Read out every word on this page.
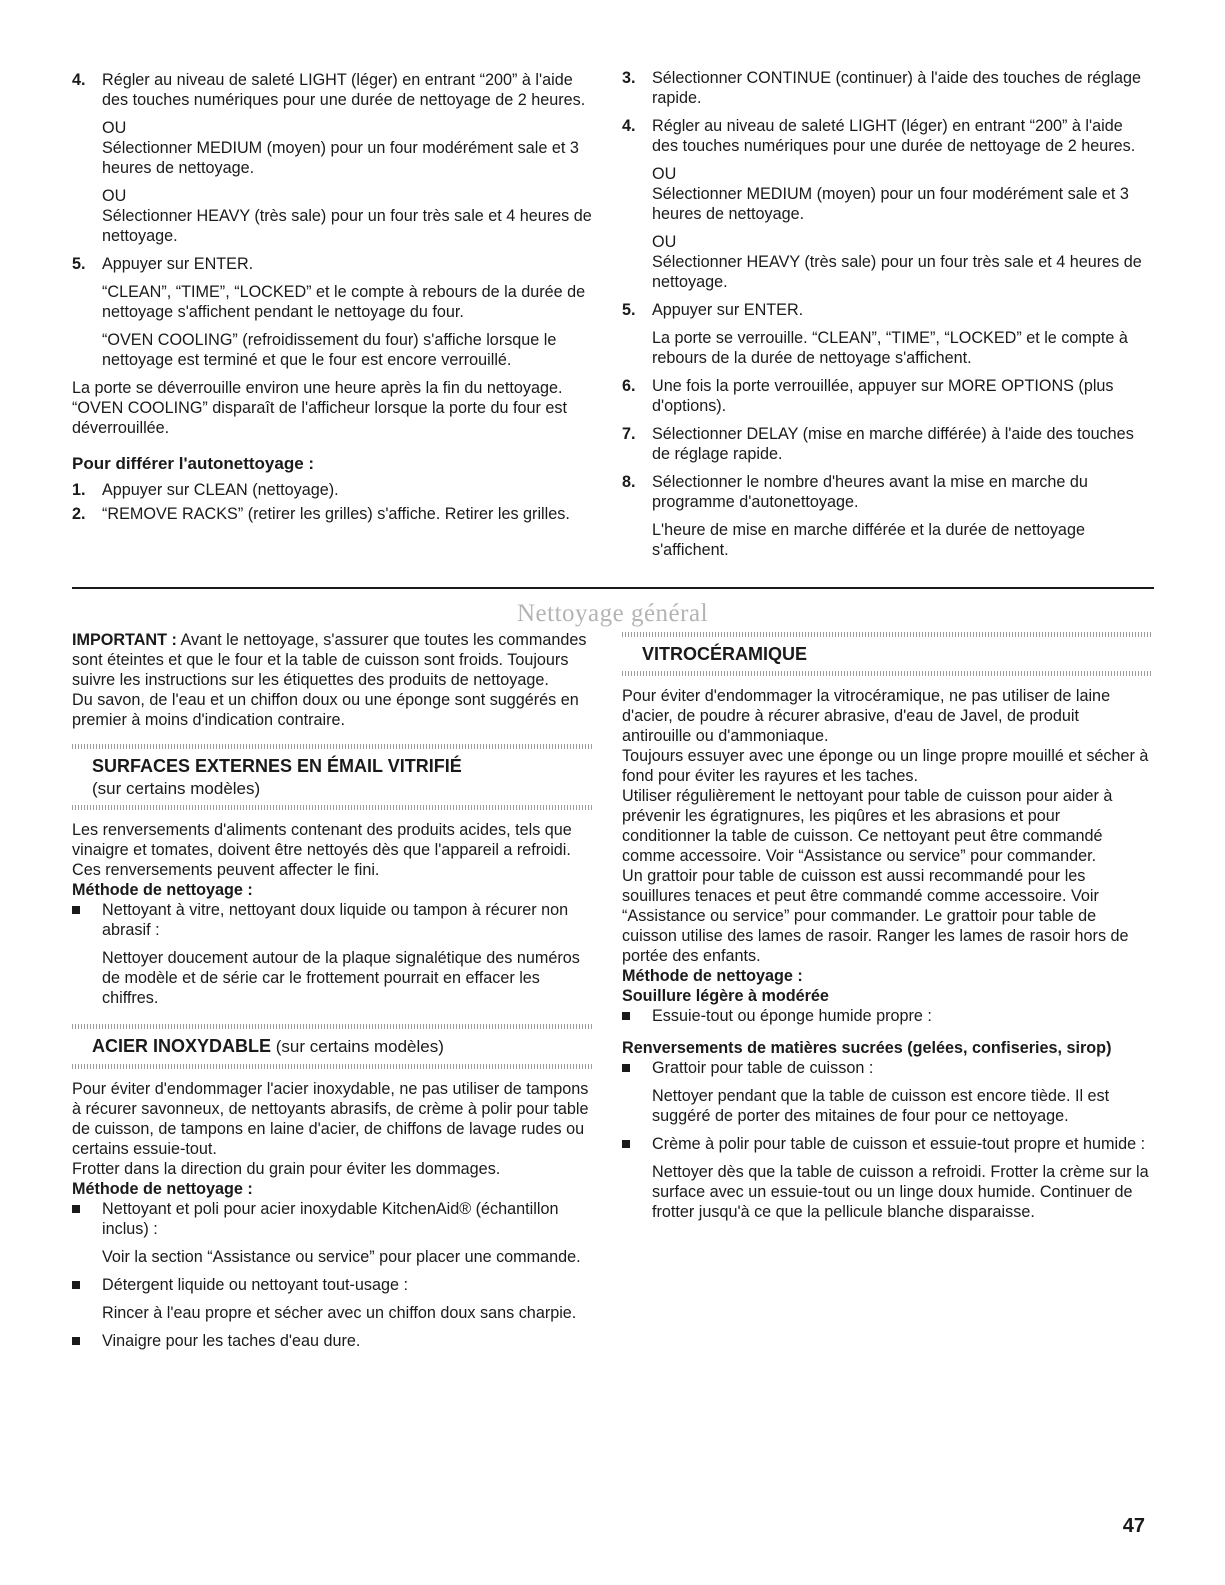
4. Régler au niveau de saleté LIGHT (léger) en entrant “200” à l'aide des touches numériques pour une durée de nettoyage de 2 heures.

OU

Sélectionner MEDIUM (moyen) pour un four modérément sale et 3 heures de nettoyage.

OU

Sélectionner HEAVY (très sale) pour un four très sale et 4 heures de nettoyage.

5. Appuyer sur ENTER.

“CLEAN”, “TIME”, “LOCKED” et le compte à rebours de la durée de nettoyage s'affichent pendant le nettoyage du four.

“OVEN COOLING” (refroidissement du four) s'affiche lorsque le nettoyage est terminé et que le four est encore verrouillé.

La porte se déverrouille environ une heure après la fin du nettoyage. “OVEN COOLING” disparaît de l'afficheur lorsque la porte du four est déverrouillée.

Pour différer l'autonettoyage :
1. Appuyer sur CLEAN (nettoyage).

2. “REMOVE RACKS” (retirer les grilles) s'affiche. Retirer les grilles.

3. Sélectionner CONTINUE (continuer) à l'aide des touches de réglage rapide.

4. Régler au niveau de saleté LIGHT (léger) en entrant “200” à l'aide des touches numériques pour une durée de nettoyage de 2 heures.

OU

Sélectionner MEDIUM (moyen) pour un four modérément sale et 3 heures de nettoyage.

OU

Sélectionner HEAVY (très sale) pour un four très sale et 4 heures de nettoyage.

5. Appuyer sur ENTER.

La porte se verrouille. “CLEAN”, “TIME”, “LOCKED” et le compte à rebours de la durée de nettoyage s'affichent.

6. Une fois la porte verrouillée, appuyer sur MORE OPTIONS (plus d'options).

7. Sélectionner DELAY (mise en marche différée) à l'aide des touches de réglage rapide.

8. Sélectionner le nombre d'heures avant la mise en marche du programme d'autonettoyage.

L'heure de mise en marche différée et la durée de nettoyage s'affichent.

Nettoyage général

IMPORTANT : Avant le nettoyage, s'assurer que toutes les commandes sont éteintes et que le four et la table de cuisson sont froids. Toujours suivre les instructions sur les étiquettes des produits de nettoyage.

Du savon, de l'eau et un chiffon doux ou une éponge sont suggérés en premier à moins d'indication contraire.

SURFACES EXTERNES EN ÉMAIL VITRIFIÉ
(sur certains modèles)

Les renversements d'aliments contenant des produits acides, tels que vinaigre et tomates, doivent être nettoyés dès que l'appareil a refroidi. Ces renversements peuvent affecter le fini.

Méthode de nettoyage :

Nettoyant à vitre, nettoyant doux liquide ou tampon à récurer non abrasif :

Nettoyer doucement autour de la plaque signalétique des numéros de modèle et de série car le frottement pourrait en effacer les chiffres.

ACIER INOXYDABLE (sur certains modèles)

Pour éviter d'endommager l'acier inoxydable, ne pas utiliser de tampons à récurer savonneux, de nettoyants abrasifs, de crème à polir pour table de cuisson, de tampons en laine d'acier, de chiffons de lavage rudes ou certains essuie-tout.

Frotter dans la direction du grain pour éviter les dommages.

Méthode de nettoyage :

Nettoyant et poli pour acier inoxydable KitchenAid® (échantillon inclus) :

Voir la section “Assistance ou service” pour placer une commande.

Détergent liquide ou nettoyant tout-usage :

Rincer à l'eau propre et sécher avec un chiffon doux sans charpie.

Vinaigre pour les taches d'eau dure.

VITROCÉRAMIQUE

Pour éviter d'endommager la vitrocéramique, ne pas utiliser de laine d'acier, de poudre à récurer abrasive, d'eau de Javel, de produit antirouille ou d'ammoniaque.

Toujours essuyer avec une éponge ou un linge propre mouillé et sécher à fond pour éviter les rayures et les taches.

Utiliser régulièrement le nettoyant pour table de cuisson pour aider à prévenir les égratignures, les piqûres et les abrasions et pour conditionner la table de cuisson. Ce nettoyant peut être commandé comme accessoire. Voir “Assistance ou service” pour commander.

Un grattoir pour table de cuisson est aussi recommandé pour les souillures tenaces et peut être commandé comme accessoire. Voir “Assistance ou service” pour commander. Le grattoir pour table de cuisson utilise des lames de rasoir. Ranger les lames de rasoir hors de portée des enfants.

Méthode de nettoyage :

Souillure légère à modérée

Essuie-tout ou éponge humide propre :

Renversements de matières sucrées (gelées, confiseries, sirop)

Grattoir pour table de cuisson :

Nettoyer pendant que la table de cuisson est encore tiède. Il est suggéré de porter des mitaines de four pour ce nettoyage.

Crème à polir pour table de cuisson et essuie-tout propre et humide :

Nettoyer dès que la table de cuisson a refroidi. Frotter la crème sur la surface avec un essuie-tout ou un linge doux humide. Continuer de frotter jusqu'à ce que la pellicule blanche disparaisse.

47
